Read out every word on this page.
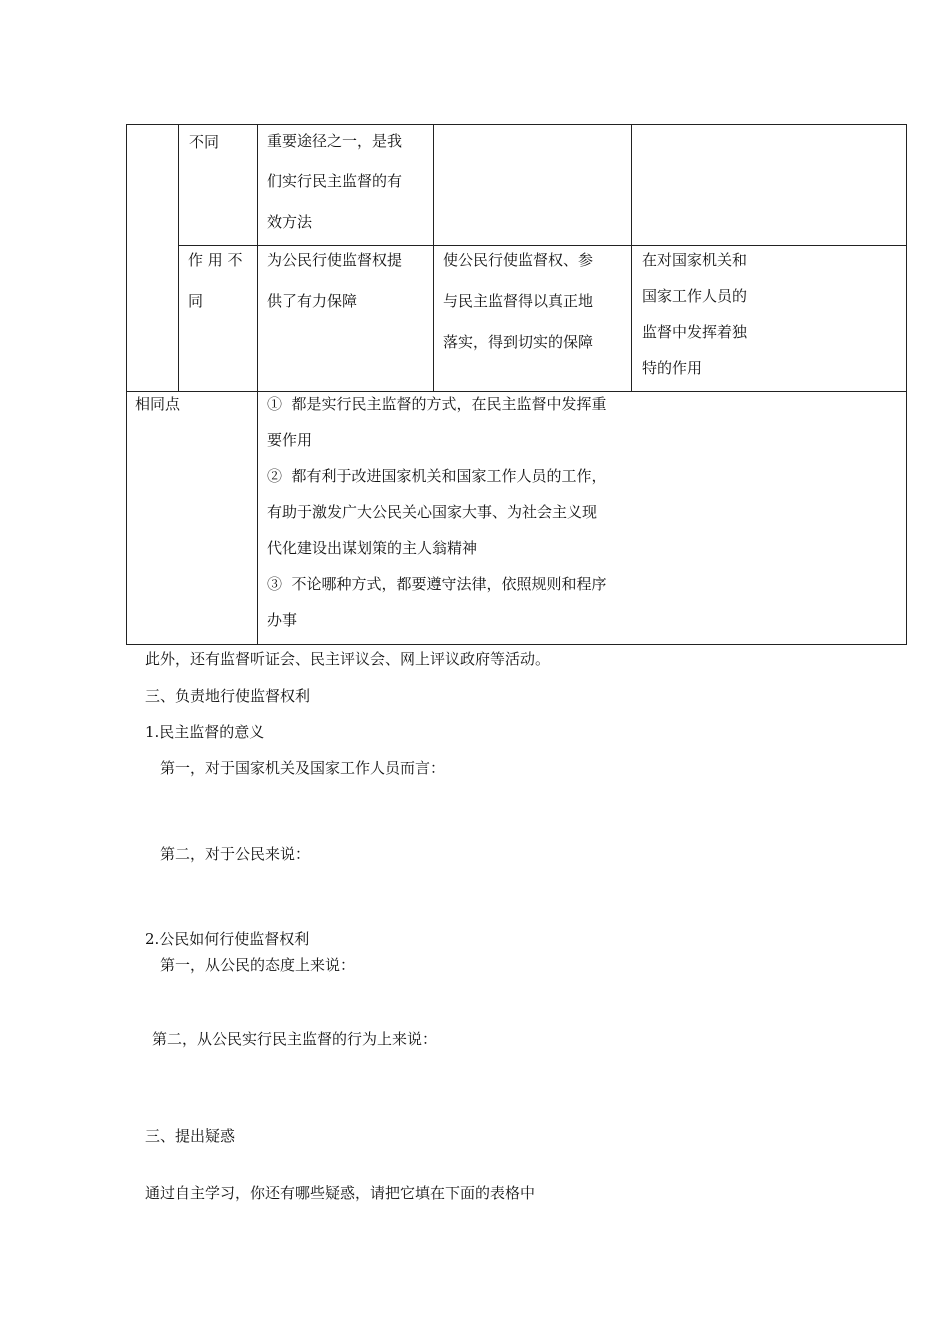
不同	重要途径之一，是我
们实行民主监督的有
效方法
作 用 不
同
为公民行使监督权提
供了有力保障
使公民行使监督权、参
与民主监督得以真正地
落实，得到切实的保障
在对国家机关和
国家工作人员的
监督中发挥着独
特的作用
相同点	①  都是实行民主监督的方式，在民主监督中发挥重
要作用
②  都有利于改进国家机关和国家工作人员的工作，
有助于激发广大公民关心国家大事、为社会主义现
代化建设出谋划策的主人翁精神
③  不论哪种方式，都要遵守法律，依照规则和程序
办事
此外，还有监督听证会、民主评议会、网上评议政府等活动。
三、负责地行使监督权利
1.民主监督的意义
第一，对于国家机关及国家工作人员而言：
第二，对于公民来说：
2.公民如何行使监督权利
第一，从公民的态度上来说：
第二，从公民实行民主监督的行为上来说：
三、提出疑惑
通过自主学习，你还有哪些疑惑，请把它填在下面的表格中
